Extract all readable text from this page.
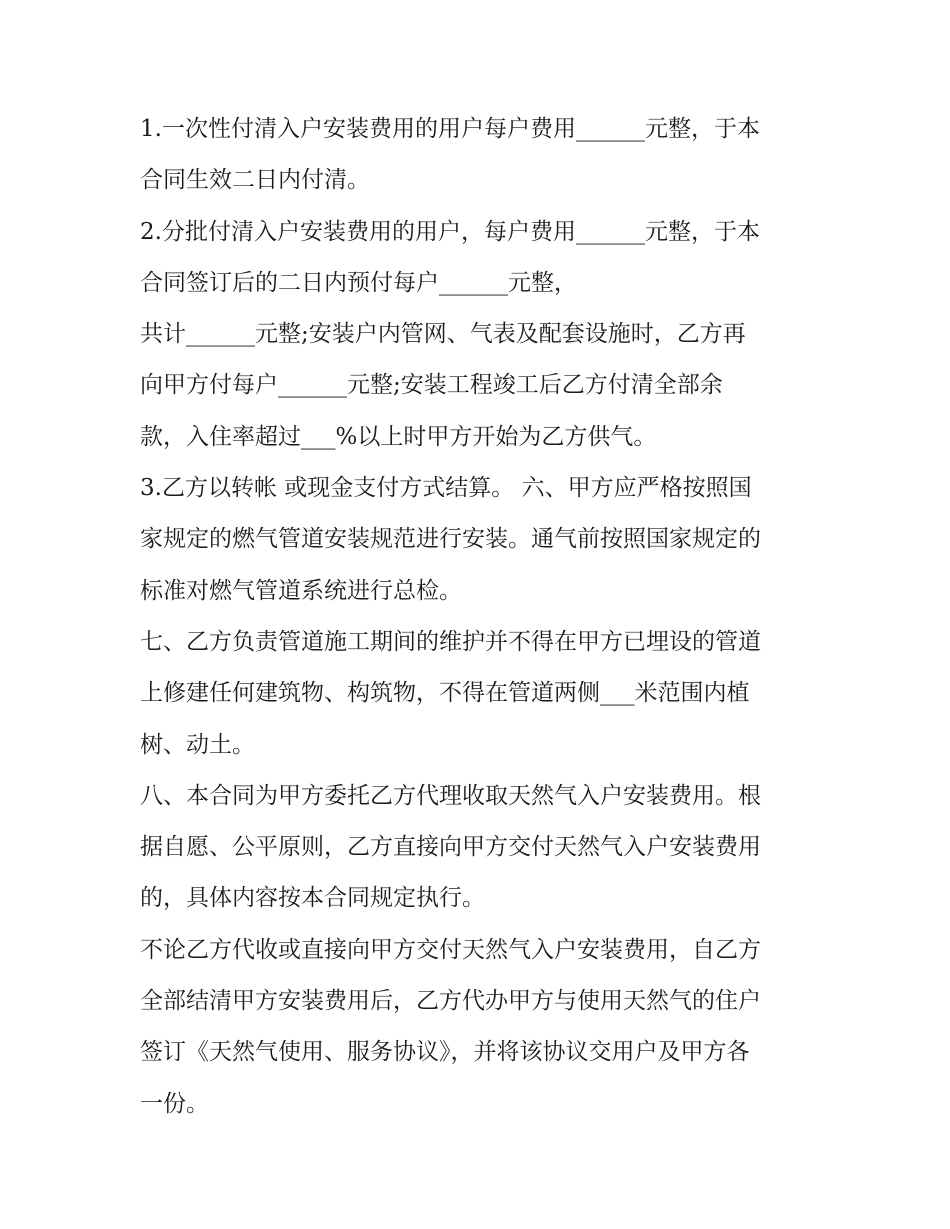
1.一次性付清入户安装费用的用户每户费用______元整，于本
合同生效二日内付清。
2.分批付清入户安装费用的用户，每户费用______元整，于本
合同签订后的二日内预付每户______元整，
共计______元整;安装户内管网、气表及配套设施时，乙方再
向甲方付每户______元整;安装工程竣工后乙方付清全部余
款，入住率超过___%以上时甲方开始为乙方供气。
3.乙方以转帐 或现金支付方式结算。 六、甲方应严格按照国
家规定的燃气管道安装规范进行安装。通气前按照国家规定的
标准对燃气管道系统进行总检。
七、乙方负责管道施工期间的维护并不得在甲方已埋设的管道
上修建任何建筑物、构筑物，不得在管道两侧___米范围内植
树、动土。
八、本合同为甲方委托乙方代理收取天然气入户安装费用。根
据自愿、公平原则，乙方直接向甲方交付天然气入户安装费用
的，具体内容按本合同规定执行。
不论乙方代收或直接向甲方交付天然气入户安装费用，自乙方
全部结清甲方安装费用后，乙方代办甲方与使用天然气的住户
签订《天然气使用、服务协议》，并将该协议交用户及甲方各
一份。
